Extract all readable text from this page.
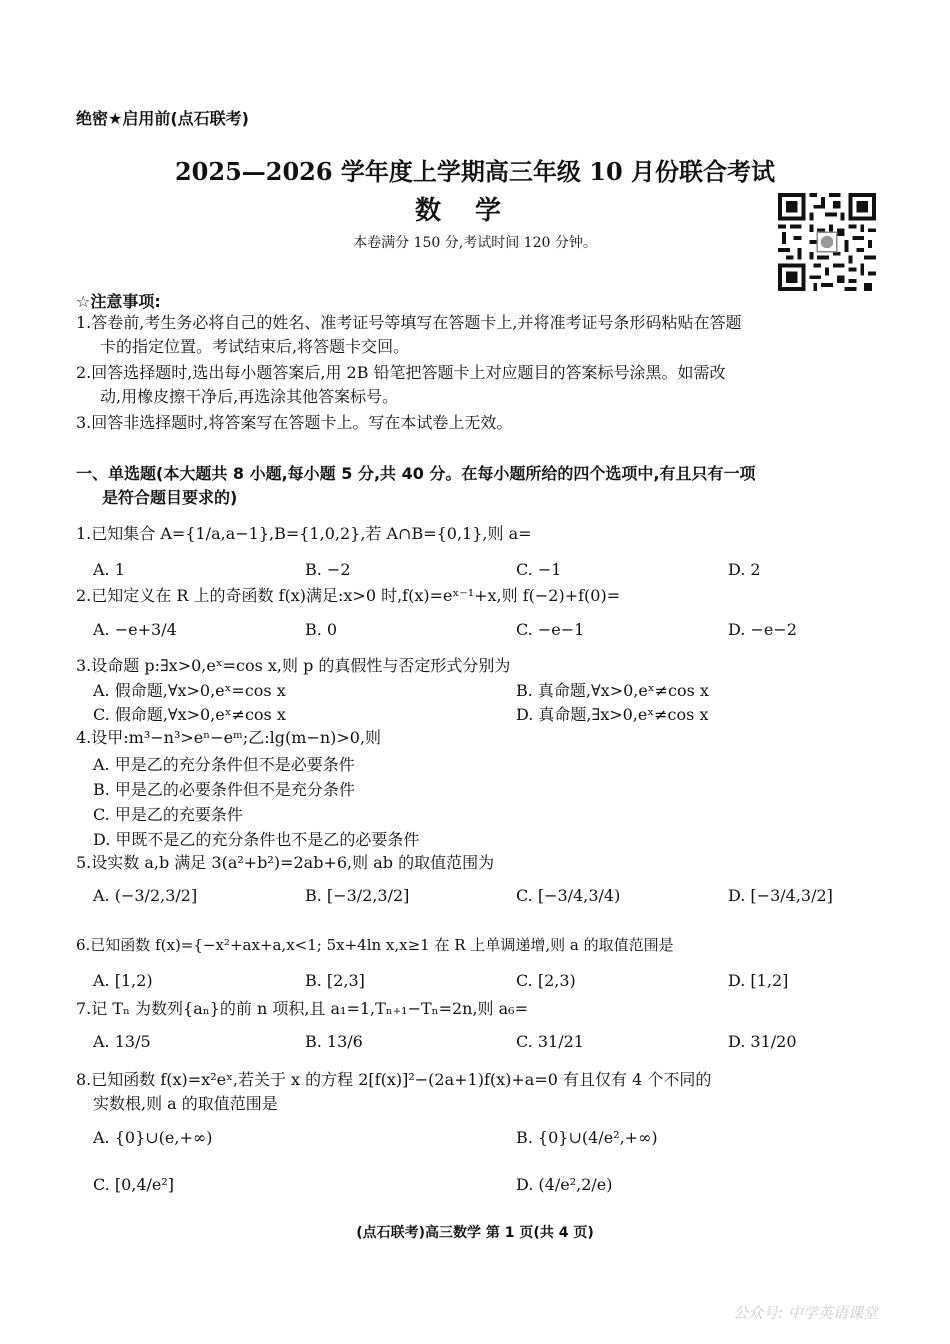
绝密★启用前(点石联考)
2025—2026 学年度上学期高三年级 10 月份联合考试
数学
本卷满分 150 分,考试时间 120 分钟。
☆注意事项:
1.答卷前,考生务必将自己的姓名、准考证号等填写在答题卡上,并将准考证号条形码粘贴在答题
卡的指定位置。考试结束后,将答题卡交回。
2.回答选择题时,选出每小题答案后,用 2B 铅笔把答题卡上对应题目的答案标号涂黑。如需改
动,用橡皮擦干净后,再选涂其他答案标号。
3.回答非选择题时,将答案写在答题卡上。写在本试卷上无效。
一、单选题(本大题共 8 小题,每小题 5 分,共 40 分。在每小题所给的四个选项中,有且只有一项
是符合题目要求的)
1.已知集合 A={1/a,a−1},B={1,0,2},若 A∩B={0,1},则 a=
A. 1	B. −2	C. −1	D. 2
2.已知定义在 R 上的奇函数 f(x)满足:x>0 时,f(x)=eˣ⁻¹+x,则 f(−2)+f(0)=
A. −e+3/4	B. 0	C. −e−1	D. −e−2
3.设命题 p:∃x>0,eˣ=cos x,则 p 的真假性与否定形式分别为
A. 假命题,∀x>0,eˣ=cos x	B. 真命题,∀x>0,eˣ≠cos x
C. 假命题,∀x>0,eˣ≠cos x	D. 真命题,∃x>0,eˣ≠cos x
4.设甲:m³−n³>eⁿ−eᵐ;乙:lg(m−n)>0,则
A. 甲是乙的充分条件但不是必要条件
B. 甲是乙的必要条件但不是充分条件
C. 甲是乙的充要条件
D. 甲既不是乙的充分条件也不是乙的必要条件
5.设实数 a,b 满足 3(a²+b²)=2ab+6,则 ab 的取值范围为
A. (−3/2,3/2]	B. [−3/2,3/2]	C. [−3/4,3/4)	D. [−3/4,3/2]
6.已知函数 f(x)={−x²+ax+a,x<1; 5x+4ln x,x≥1 在 R 上单调递增,则 a 的取值范围是
A. [1,2)	B. [2,3]	C. [2,3)	D. [1,2]
7.记 Tₙ 为数列{aₙ}的前 n 项积,且 a₁=1,Tₙ₊₁−Tₙ=2n,则 a₆=
A. 13/5	B. 13/6	C. 31/21	D. 31/20
8.已知函数 f(x)=x²eˣ,若关于 x 的方程 2[f(x)]²−(2a+1)f(x)+a=0 有且仅有 4 个不同的
实数根,则 a 的取值范围是
A. {0}∪(e,+∞)	B. {0}∪(4/e²,+∞)
C. [0,4/e²]	D. (4/e²,2/e)
(点石联考)高三数学 第 1 页(共 4 页)
公众号: 中学英语课堂
